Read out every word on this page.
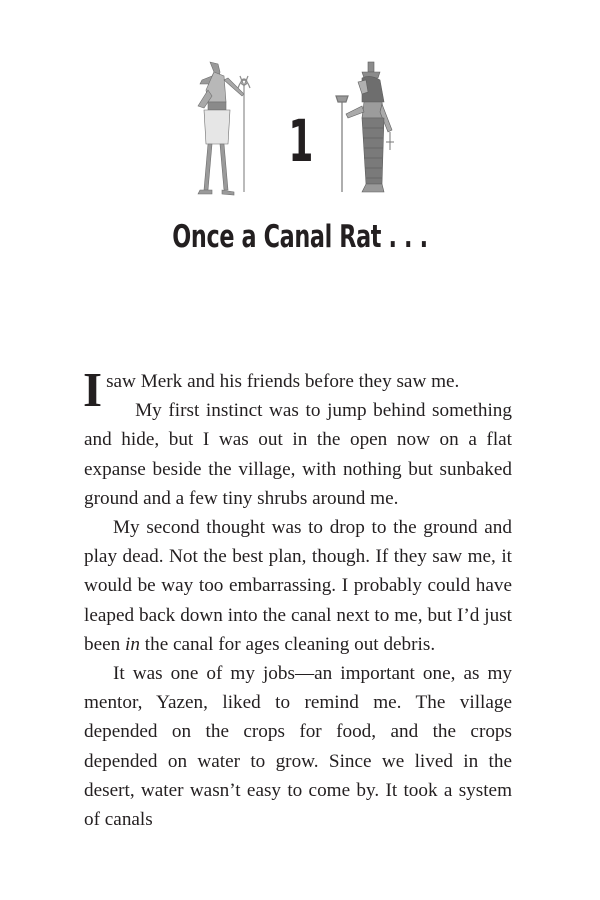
1
Once a Canal Rat . . .

I saw Merk and his friends before they saw me.

My first instinct was to jump behind something and hide, but I was out in the open now on a flat expanse beside the village, with nothing but sunbaked ground and a few tiny shrubs around me.

My second thought was to drop to the ground and play dead. Not the best plan, though. If they saw me, it would be way too embarrassing. I probably could have leaped back down into the canal next to me, but I’d just been in the canal for ages cleaning out debris.

It was one of my jobs—an important one, as my mentor, Yazen, liked to remind me. The village depended on the crops for food, and the crops depended on water to grow. Since we lived in the desert, water wasn’t easy to come by. It took a system of canals
